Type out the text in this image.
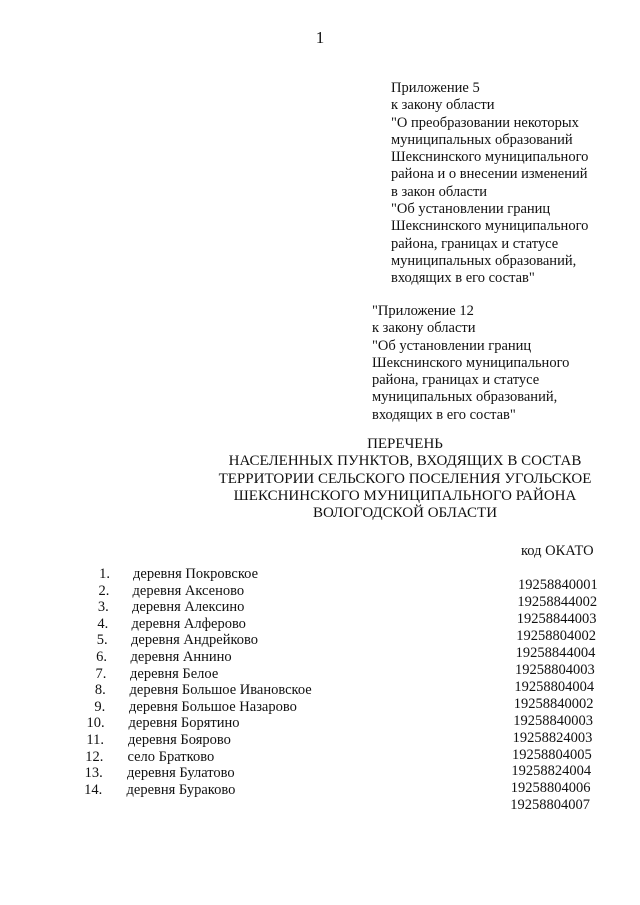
1
Приложение 5
к закону области
"О преобразовании некоторых
муниципальных образований
Шекснинского муниципального
района и о внесении изменений
в закон области
"Об установлении границ
Шекснинского муниципального
района, границах и статусе
муниципальных образований,
входящих в его состав"
"Приложение 12
к закону области
"Об установлении границ
Шекснинского муниципального
района, границах и статусе
муниципальных образований,
входящих в его состав"
ПЕРЕЧЕНЬ
НАСЕЛЕННЫХ ПУНКТОВ, ВХОДЯЩИХ В СОСТАВ
ТЕРРИТОРИИ СЕЛЬСКОГО ПОСЕЛЕНИЯ УГОЛЬСКОЕ
ШЕКСНИНСКОГО МУНИЦИПАЛЬНОГО РАЙОНА
ВОЛОГОДСКОЙ ОБЛАСТИ
код ОКАТО
1. деревня Покровское
19258840001
2. деревня Аксеново
19258844002
3. деревня Алексино
19258844003
4. деревня Алферово
19258804002
5. деревня Андрейково
19258844004
6. деревня Аннино
19258804003
7. деревня Белое
19258804004
8. деревня Большое Ивановское
19258840002
9. деревня Большое Назарово
19258840003
10. деревня Борятино
19258824003
11. деревня Боярово
19258804005
12. село Братково
19258824004
13. деревня Булатово
19258804006
14. деревня Бураково
19258804007
